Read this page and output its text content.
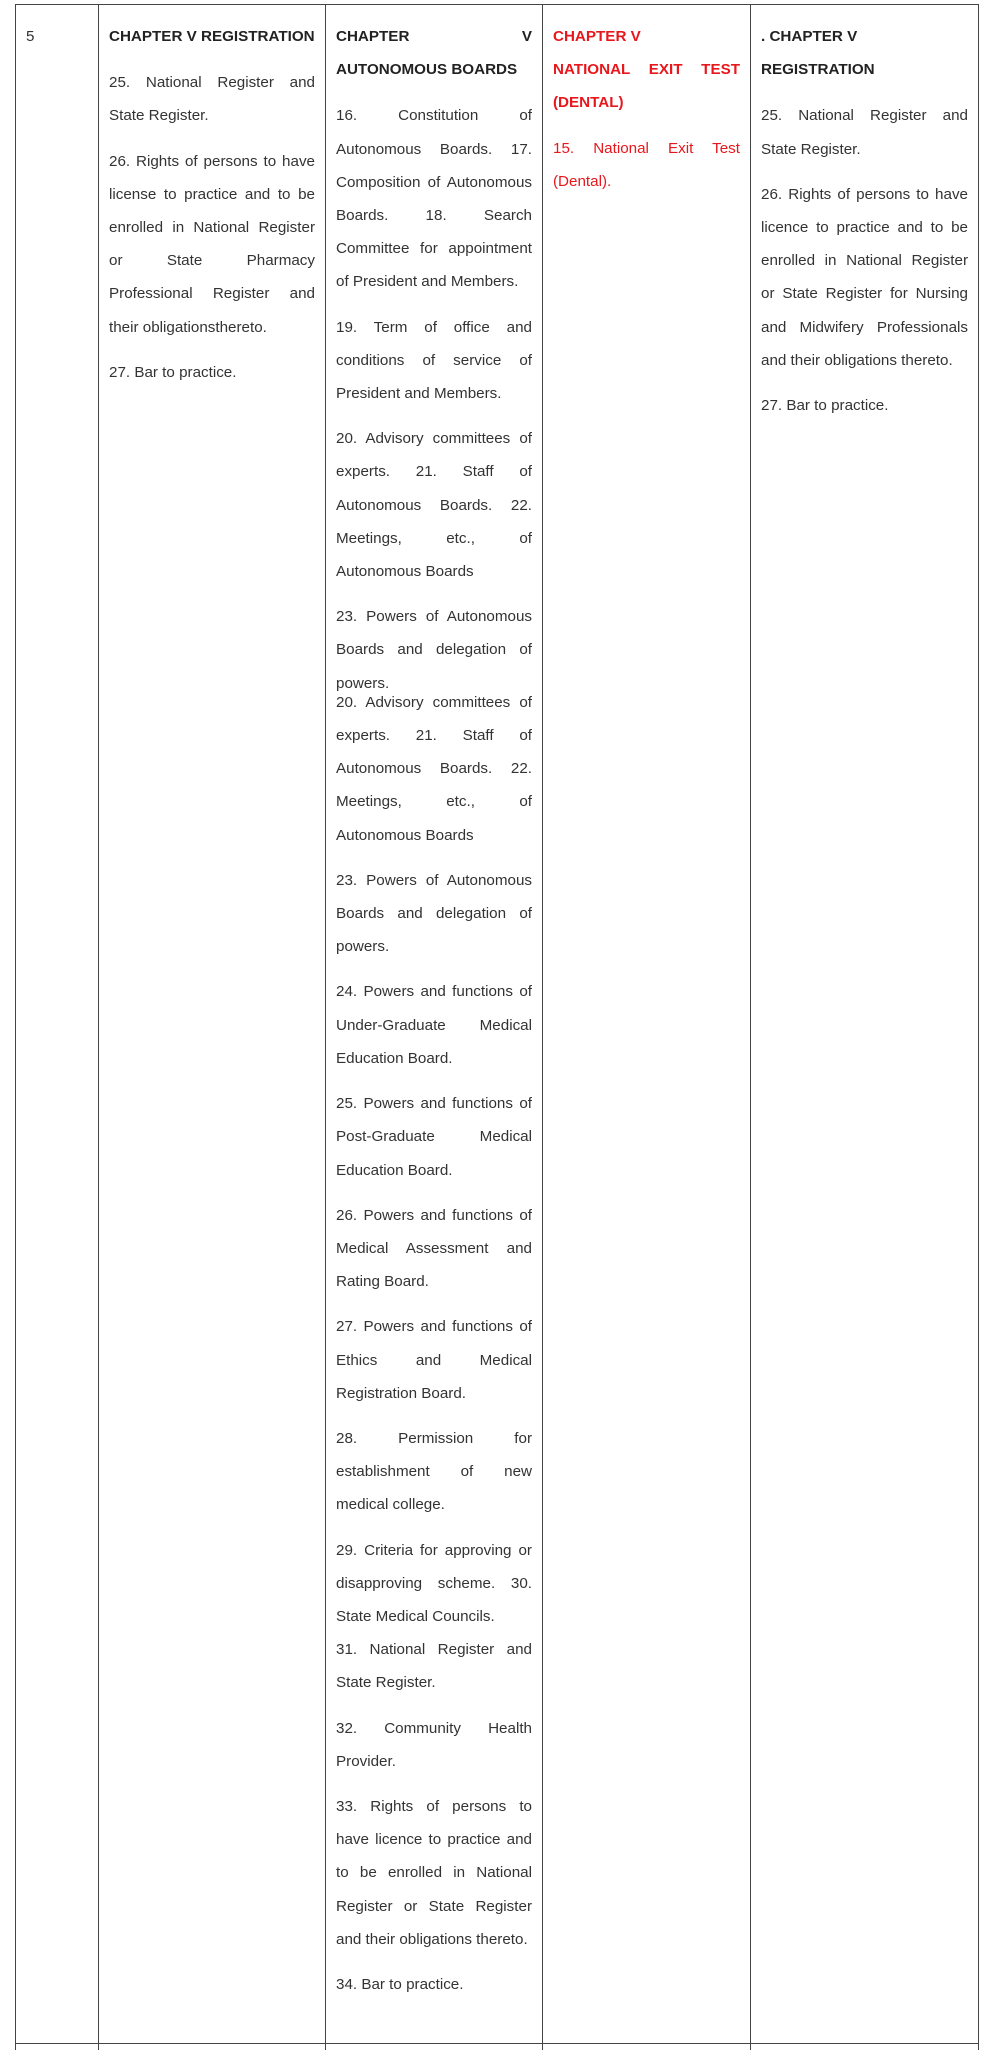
5	CHAPTER V REGISTRATION

25. National Register and State Register.

26. Rights of persons to have license to practice and to be enrolled in National Register or State Pharmacy Professional Register and their obligationsthereto.

27. Bar to practice.

CHAPTER V AUTONOMOUS BOARDS

16. Constitution of Autonomous Boards. 17. Composition of Autonomous Boards. 18. Search Committee for appointment of President and Members.

19. Term of office and conditions of service of President and Members.

20. Advisory committees of experts. 21. Staff of Autonomous Boards. 22. Meetings, etc., of Autonomous Boards

23. Powers of Autonomous Boards and delegation of powers.

20. Advisory committees of experts. 21. Staff of Autonomous Boards. 22. Meetings, etc., of Autonomous Boards

23. Powers of Autonomous Boards and delegation of powers.

24. Powers and functions of Under-Graduate Medical Education Board.

25. Powers and functions of Post-Graduate Medical Education Board.

26. Powers and functions of Medical Assessment and Rating Board.

27. Powers and functions of Ethics and Medical Registration Board.

28. Permission for establishment of new medical college.

29. Criteria for approving or disapproving scheme. 30. State Medical Councils.

31. National Register and State Register.

32. Community Health Provider.

33. Rights of persons to have licence to practice and to be enrolled in National Register or State Register and their obligations thereto.

34. Bar to practice.

CHAPTER V

NATIONAL EXIT TEST (DENTAL)

15. National Exit Test (Dental).

. CHAPTER V REGISTRATION

25. National Register and State Register.

26. Rights of persons to have licence to practice and to be enrolled in National Register or State Register for Nursing and Midwifery Professionals and their obligations thereto.

27. Bar to practice.
